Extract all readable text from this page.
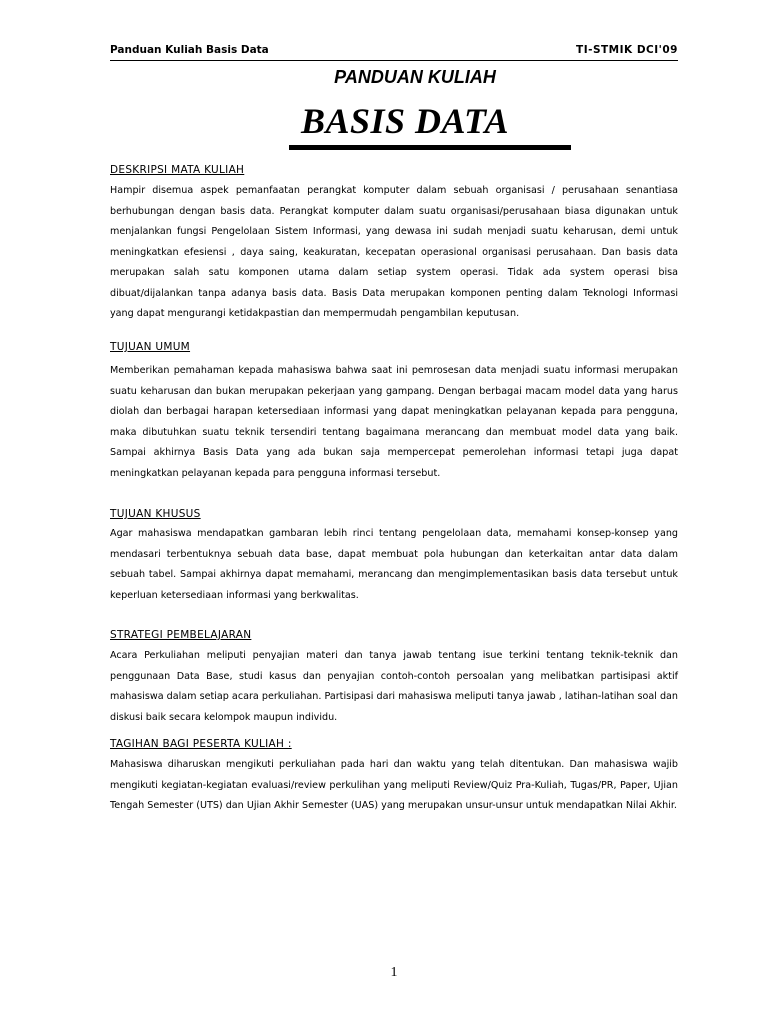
Panduan Kuliah Basis Data	TI-STMIK DCI'09
PANDUAN KULIAH
BASIS DATA
DESKRIPSI MATA KULIAH
Hampir disemua aspek pemanfaatan perangkat komputer dalam sebuah organisasi / perusahaan senantiasa berhubungan dengan basis data. Perangkat komputer dalam suatu organisasi/perusahaan biasa digunakan untuk menjalankan fungsi Pengelolaan Sistem Informasi, yang dewasa ini sudah menjadi suatu keharusan, demi untuk meningkatkan efesiensi , daya saing, keakuratan, kecepatan operasional organisasi perusahaan. Dan basis data merupakan salah satu komponen utama dalam setiap system operasi. Tidak ada system operasi bisa dibuat/dijalankan tanpa adanya basis data. Basis Data merupakan komponen penting dalam Teknologi Informasi yang dapat mengurangi ketidakpastian dan mempermudah pengambilan keputusan.
TUJUAN UMUM
Memberikan pemahaman kepada mahasiswa bahwa saat ini pemrosesan data menjadi suatu informasi merupakan suatu keharusan dan bukan merupakan pekerjaan yang gampang. Dengan berbagai macam model data yang harus diolah dan berbagai harapan ketersediaan informasi yang dapat meningkatkan pelayanan kepada para pengguna, maka dibutuhkan suatu teknik tersendiri tentang bagaimana merancang dan membuat model data yang baik. Sampai akhirnya Basis Data yang ada bukan saja mempercepat pemerolehan informasi tetapi juga dapat meningkatkan pelayanan kepada para pengguna informasi tersebut.
TUJUAN KHUSUS
Agar mahasiswa mendapatkan gambaran lebih rinci tentang pengelolaan data, memahami konsep-konsep yang mendasari terbentuknya sebuah data base, dapat membuat pola hubungan dan keterkaitan antar data dalam sebuah tabel. Sampai akhirnya dapat memahami, merancang dan mengimplementasikan basis data tersebut untuk keperluan ketersediaan informasi yang berkwalitas.
STRATEGI PEMBELAJARAN
Acara Perkuliahan meliputi penyajian materi dan tanya jawab tentang isue terkini tentang teknik-teknik dan penggunaan Data Base, studi kasus dan penyajian contoh-contoh persoalan yang melibatkan partisipasi aktif mahasiswa dalam setiap acara perkuliahan. Partisipasi dari mahasiswa meliputi tanya jawab , latihan-latihan soal dan diskusi baik secara kelompok maupun individu.
TAGIHAN BAGI PESERTA KULIAH :
Mahasiswa diharuskan mengikuti perkuliahan pada hari dan waktu yang telah ditentukan. Dan mahasiswa wajib mengikuti kegiatan-kegiatan evaluasi/review perkulihan yang meliputi Review/Quiz Pra-Kuliah, Tugas/PR, Paper, Ujian Tengah Semester (UTS) dan Ujian Akhir Semester (UAS) yang merupakan unsur-unsur untuk mendapatkan Nilai Akhir.
1
